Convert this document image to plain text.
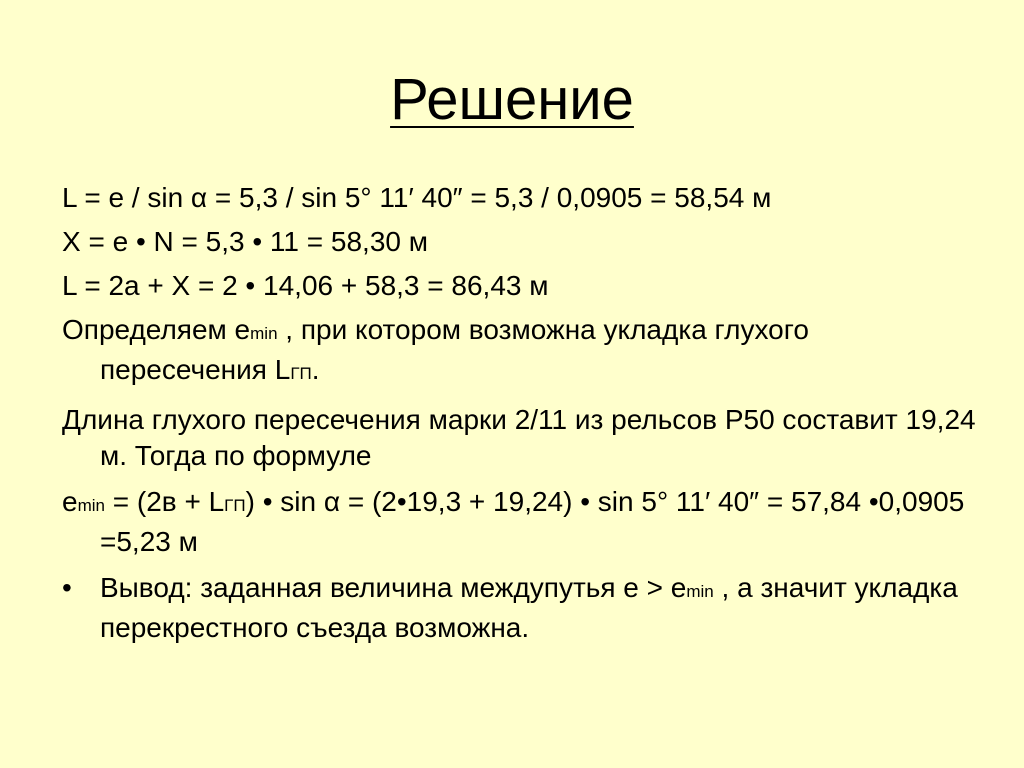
Решение

L = e / sin α = 5,3 / sin 5° 11′ 40″ = 5,3 / 0,0905 = 58,54 м

X = e • N = 5,3 • 11 = 58,30 м

L = 2a + X = 2 • 14,06 + 58,3 = 86,43 м

Определяем emin , при котором возможна укладка глухого пересечения LГП.

Длина глухого пересечения марки 2/11 из рельсов Р50 составит 19,24 м. Тогда по формуле

emin = (2в + LГП) • sin α = (2•19,3 + 19,24) • sin 5° 11′ 40″ = 57,84 •0,0905 =5,23 м

•	Вывод: заданная величина междупутья e > emin , а значит укладка перекрестного съезда возможна.
